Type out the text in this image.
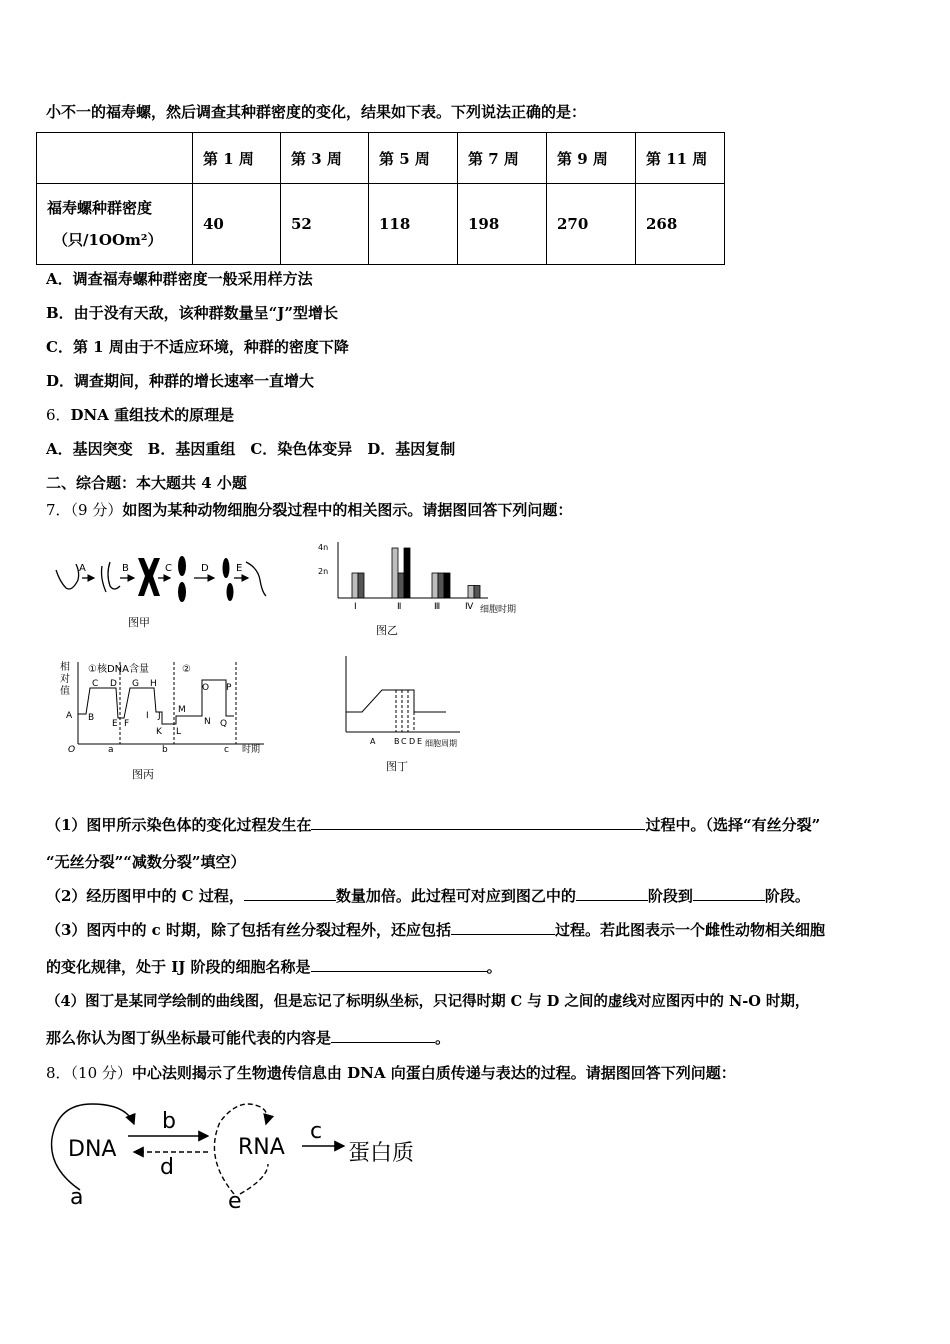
小不一的福寿螺，然后调查其种群密度的变化，结果如下表。下列说法正确的是：
	第 1 周	第 3 周	第 5 周	第 7 周	第 9 周	第 11 周

福寿螺种群密度
（只/1OOm²）	40	52	118	198	270	268
A．调查福寿螺种群密度一般采用样方法
B．由于没有天敌，该种群数量呈“J”型增长
C．第 1 周由于不适应环境，种群的密度下降
D．调查期间，种群的增长速率一直增大
6．DNA 重组技术的原理是
A．基因突变　B．基因重组　C．染色体变异　D．基因复制
二、综合题：本大题共 4 小题
7．（9 分）如图为某种动物细胞分裂过程中的相关图示。请据图回答下列问题：
A	B	C	D	E
图甲
4n
2n
Ⅰ	Ⅱ	Ⅲ	Ⅳ 细胞时期
图乙
相
对
值
①核DNA含量	②
A B
C D
E F
G H
I J
K L
M
N
O P
Q
O	a	b	c 时期
图丙
A B C D E 细胞周期
图丁
（1）图甲所示染色体的变化过程发生在	过程中。（选择“有丝分裂”
“无丝分裂”“减数分裂”填空）
（2）经历图甲中的 C 过程，	数量加倍。此过程可对应到图乙中的	阶段到	阶段。
（3）图丙中的 c 时期，除了包括有丝分裂过程外，还应包括	过程。若此图表示一个雌性动物相关细胞
的变化规律，处于 IJ 阶段的细胞名称是	。
（4）图丁是某同学绘制的曲线图，但是忘记了标明纵坐标，只记得时期 C 与 D 之间的虚线对应图丙中的 N-O 时期，
那么你认为图丁纵坐标最可能代表的内容是	。
8．（10 分）中心法则揭示了生物遗传信息由 DNA 向蛋白质传递与表达的过程。请据图回答下列问题：
DNA	RNA	蛋白质
b
d
c
a	e
